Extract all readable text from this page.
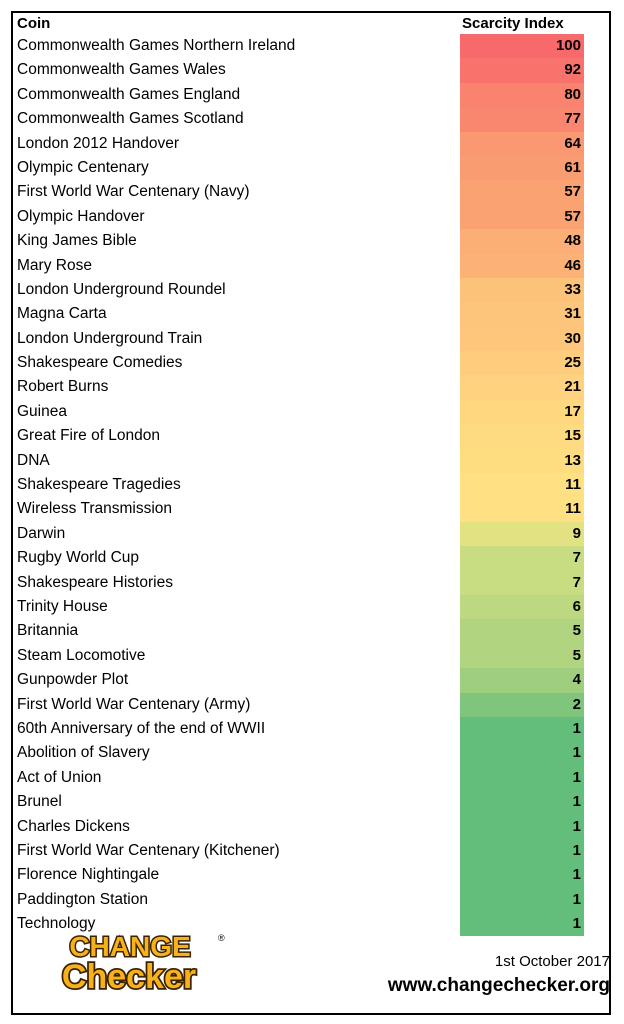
Coin	Scarcity Index
Commonwealth Games Northern Ireland	100
Commonwealth Games Wales	92
Commonwealth Games England	80
Commonwealth Games Scotland	77
London 2012 Handover	64
Olympic Centenary	61
First World War Centenary (Navy)	57
Olympic Handover	57
King James Bible	48
Mary Rose	46
London Underground Roundel	33
Magna Carta	31
London Underground Train	30
Shakespeare Comedies	25
Robert Burns	21
Guinea	17
Great Fire of London	15
DNA	13
Shakespeare Tragedies	11
Wireless Transmission	11
Darwin	9
Rugby World Cup	7
Shakespeare Histories	7
Trinity House	6
Britannia	5
Steam Locomotive	5
Gunpowder Plot	4
First World War Centenary (Army)	2
60th Anniversary of the end of WWII	1
Abolition of Slavery	1
Act of Union	1
Brunel	1
Charles Dickens	1
First World War Centenary (Kitchener)	1
Florence Nightingale	1
Paddington Station	1
Technology	1
CHANGE	®
Checker	1st October 2017
www.changechecker.org
